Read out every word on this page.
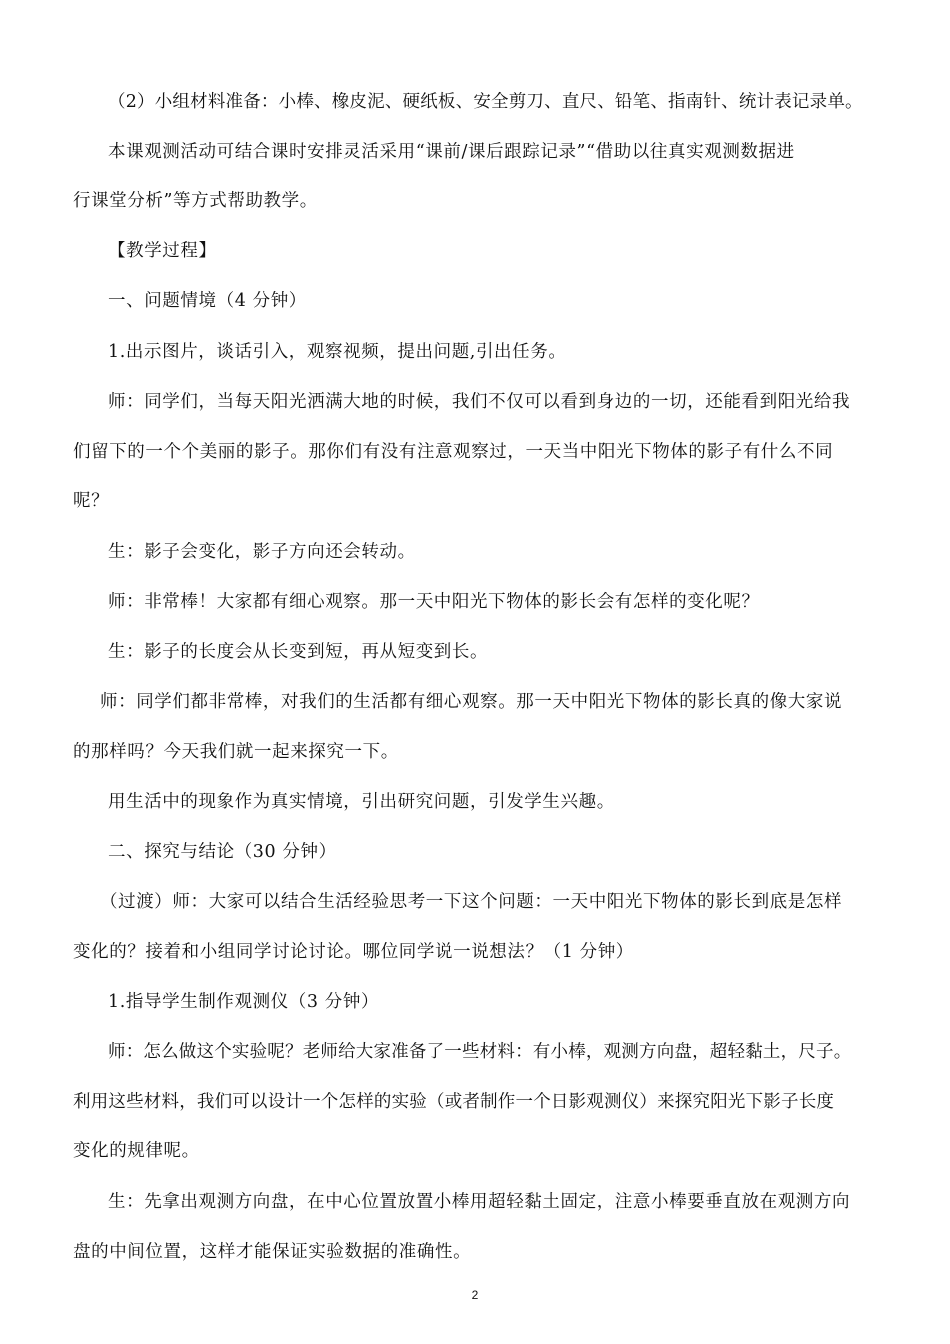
（2）小组材料准备：小棒、橡皮泥、硬纸板、安全剪刀、直尺、铅笔、指南针、统计表记录单。
本课观测活动可结合课时安排灵活采用“课前/课后跟踪记录”“借助以往真实观测数据进
行课堂分析”等方式帮助教学。
【教学过程】
一、问题情境（4 分钟）
1.出示图片，谈话引入，观察视频，提出问题,引出任务。
师：同学们，当每天阳光洒满大地的时候，我们不仅可以看到身边的一切，还能看到阳光给我
们留下的一个个美丽的影子。那你们有没有注意观察过，一天当中阳光下物体的影子有什么不同
呢？
生：影子会变化，影子方向还会转动。
师：非常棒！大家都有细心观察。那一天中阳光下物体的影长会有怎样的变化呢？
生：影子的长度会从长变到短，再从短变到长。
师：同学们都非常棒，对我们的生活都有细心观察。那一天中阳光下物体的影长真的像大家说
的那样吗？今天我们就一起来探究一下。
用生活中的现象作为真实情境，引出研究问题，引发学生兴趣。
二、探究与结论（30 分钟）
（过渡）师：大家可以结合生活经验思考一下这个问题：一天中阳光下物体的影长到底是怎样
变化的？接着和小组同学讨论讨论。哪位同学说一说想法？（1 分钟）
1.指导学生制作观测仪（3 分钟）
师：怎么做这个实验呢？老师给大家准备了一些材料：有小棒，观测方向盘，超轻黏土，尺子。
利用这些材料，我们可以设计一个怎样的实验（或者制作一个日影观测仪）来探究阳光下影子长度
变化的规律呢。
生：先拿出观测方向盘，在中心位置放置小棒用超轻黏土固定，注意小棒要垂直放在观测方向
盘的中间位置，这样才能保证实验数据的准确性。
2
